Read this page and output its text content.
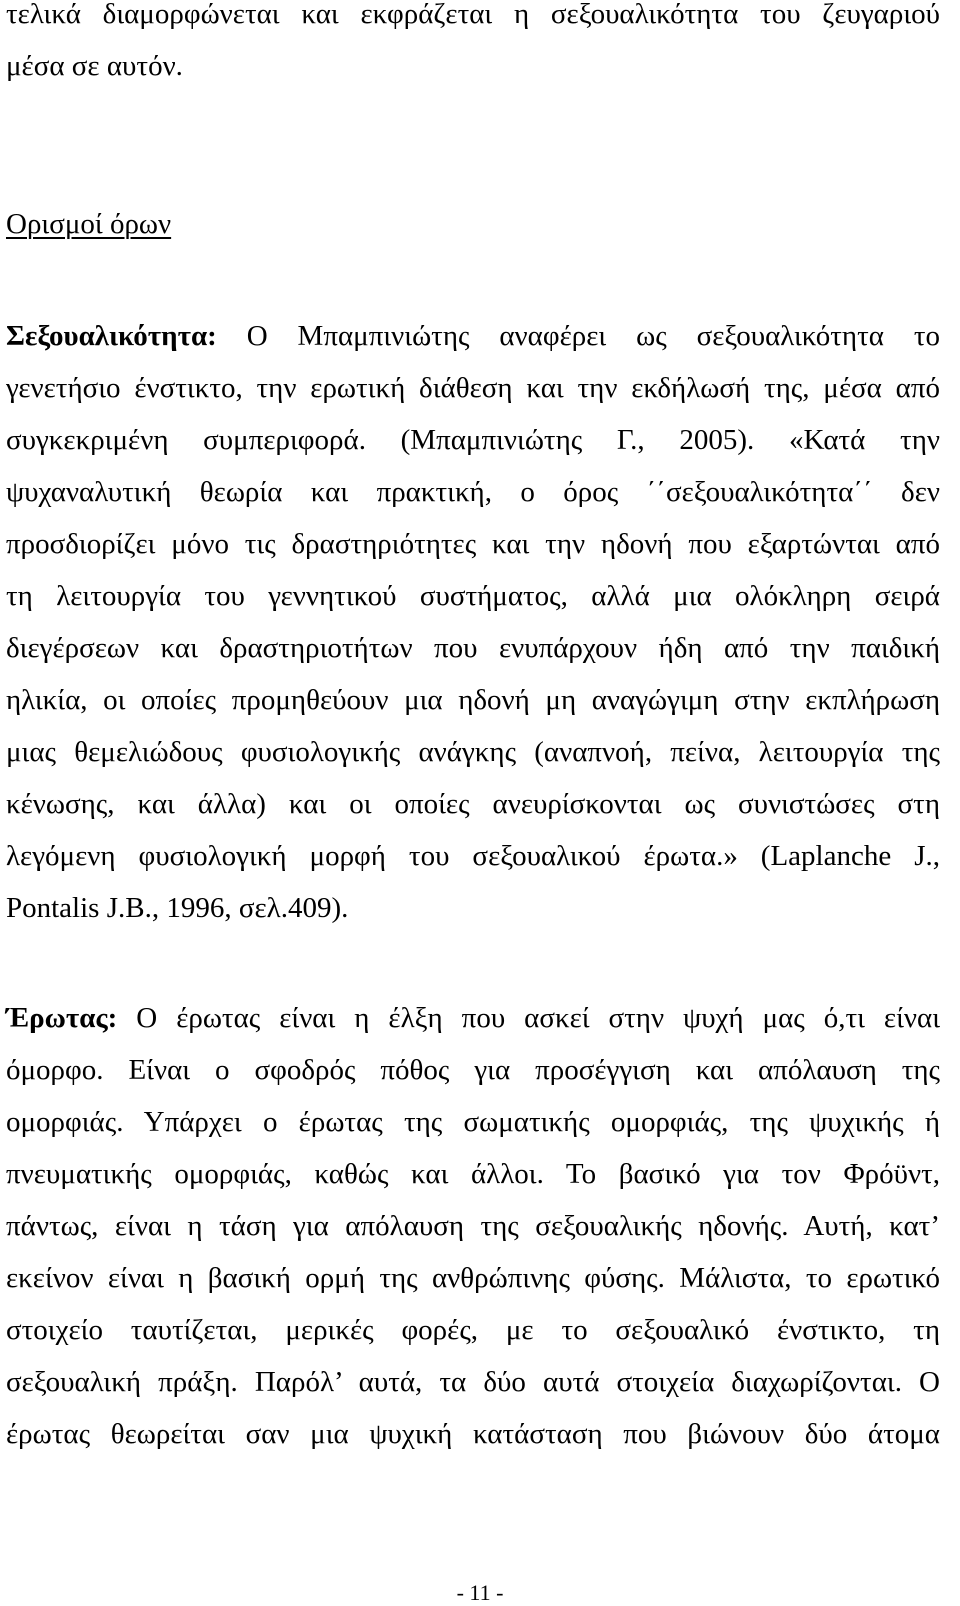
τελικά διαμορφώνεται και εκφράζεται η σεξουαλικότητα του ζευγαριού
μέσα σε αυτόν.
Ορισμοί όρων
Σεξουαλικότητα: Ο Μπαμπινιώτης αναφέρει ως σεξουαλικότητα το
γενετήσιο ένστικτο, την ερωτική διάθεση και την εκδήλωσή της, μέσα από
συγκεκριμένη συμπεριφορά. (Μπαμπινιώτης Γ., 2005). «Κατά την
ψυχαναλυτική θεωρία και πρακτική, ο όρος ΄΄σεξουαλικότητα΄΄ δεν
προσδιορίζει μόνο τις δραστηριότητες και την ηδονή που εξαρτώνται από
τη λειτουργία του γεννητικού συστήματος, αλλά μια ολόκληρη σειρά
διεγέρσεων και δραστηριοτήτων που ενυπάρχουν ήδη από την παιδική
ηλικία, οι οποίες προμηθεύουν μια ηδονή μη αναγώγιμη στην εκπλήρωση
μιας θεμελιώδους φυσιολογικής ανάγκης (αναπνοή, πείνα, λειτουργία της
κένωσης, και άλλα) και οι οποίες ανευρίσκονται ως συνιστώσες στη
λεγόμενη φυσιολογική μορφή του σεξουαλικού έρωτα.» (Laplanche J.,
Pontalis J.B., 1996, σελ.409).
Έρωτας: Ο έρωτας είναι η έλξη που ασκεί στην ψυχή μας ό,τι είναι
όμορφο. Είναι ο σφοδρός πόθος για προσέγγιση και απόλαυση της
ομορφιάς. Υπάρχει ο έρωτας της σωματικής ομορφιάς, της ψυχικής ή
πνευματικής ομορφιάς, καθώς και άλλοι. Το βασικό για τον Φρόϋντ,
πάντως, είναι η τάση για απόλαυση της σεξουαλικής ηδονής. Αυτή, κατ’
εκείνον είναι η βασική ορμή της ανθρώπινης φύσης. Μάλιστα, το ερωτικό
στοιχείο ταυτίζεται, μερικές φορές, με το σεξουαλικό ένστικτο, τη
σεξουαλική πράξη. Παρόλ’ αυτά, τα δύο αυτά στοιχεία διαχωρίζονται. Ο
έρωτας θεωρείται σαν μια ψυχική κατάσταση που βιώνουν δύο άτομα
- 11 -
